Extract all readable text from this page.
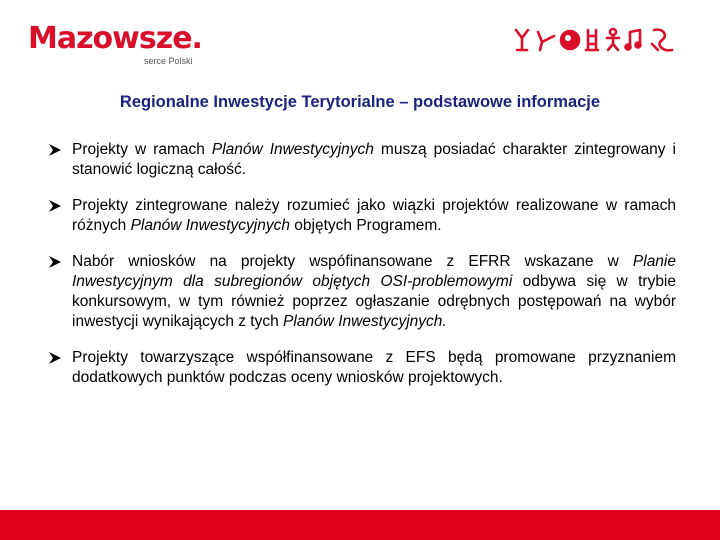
Mazowsze.
serce Polski
Regionalne Inwestycje Terytorialne – podstawowe informacje

Projekty w ramach Planów Inwestycyjnych muszą posiadać charakter zintegrowany i stanowić logiczną całość.

Projekty zintegrowane należy rozumieć jako wiązki projektów realizowane w ramach różnych Planów Inwestycyjnych objętych Programem.

Nabór wniosków na projekty wspófinansowane z EFRR wskazane w Planie Inwestycyjnym dla subregionów objętych OSI-problemowymi odbywa się w trybie konkursowym, w tym również poprzez ogłaszanie odrębnych postępowań na wybór inwestycji wynikających z tych Planów Inwestycyjnych.

Projekty towarzyszące współfinansowane z EFS będą promowane przyznaniem dodatkowych punktów podczas oceny wniosków projektowych.
